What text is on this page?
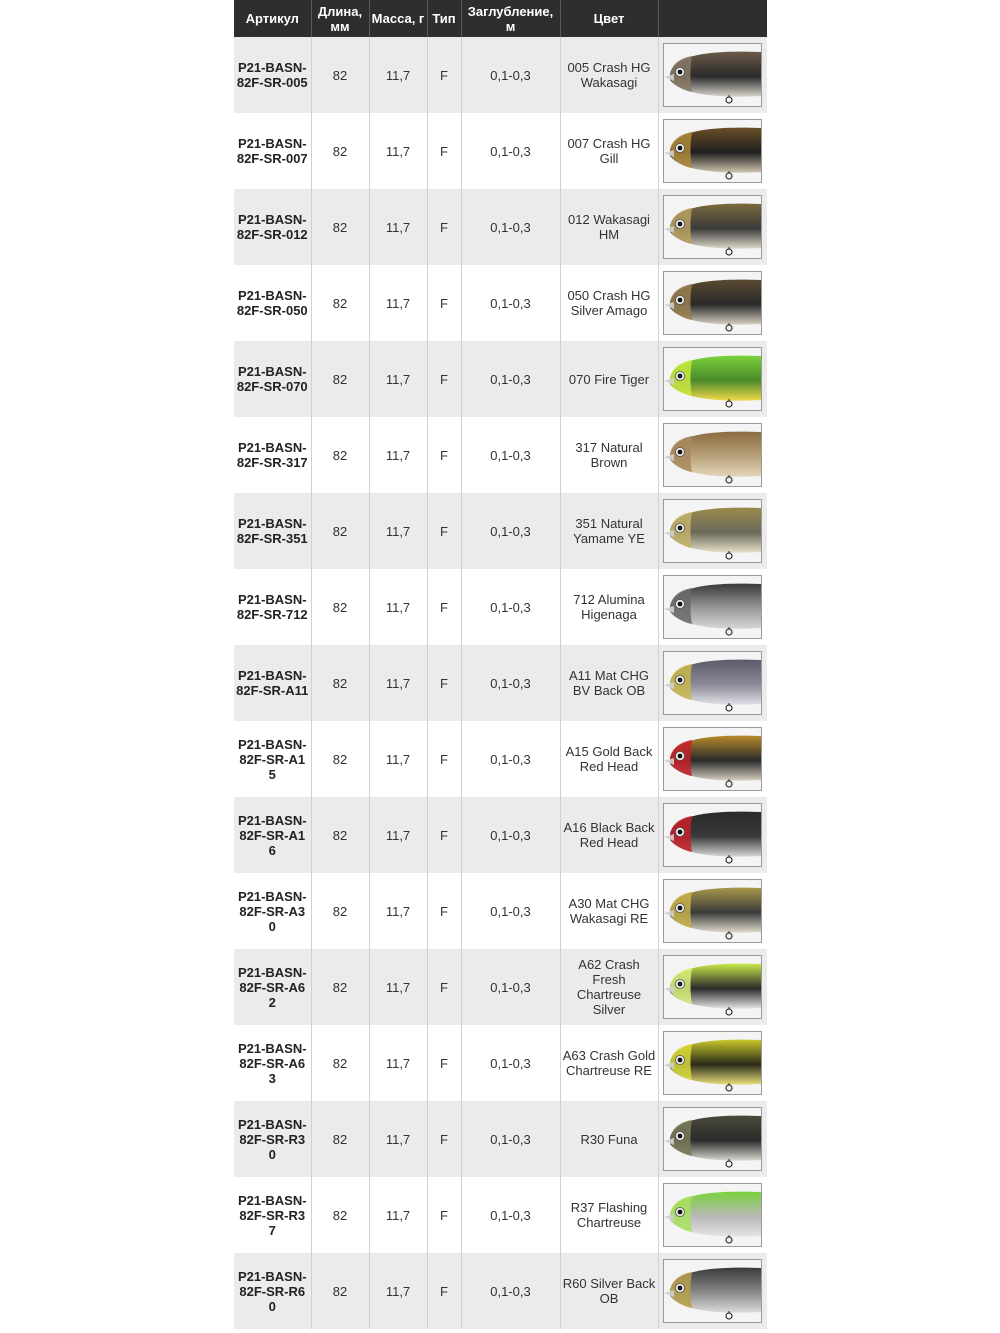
Артикул	Длина, мм	Масса, г	Тип	Заглубление, м	Цвет	
P21-BASN-82F-SR-005	82	11,7	F	0,1-0,3	005 Crash HG Wakasagi	

P21-BASN-82F-SR-007	82	11,7	F	0,1-0,3	007 Crash HG Gill	

P21-BASN-82F-SR-012	82	11,7	F	0,1-0,3	012 Wakasagi HM	

P21-BASN-82F-SR-050	82	11,7	F	0,1-0,3	050 Crash HG Silver Amago	

P21-BASN-82F-SR-070	82	11,7	F	0,1-0,3	070 Fire Tiger	

P21-BASN-82F-SR-317	82	11,7	F	0,1-0,3	317 Natural Brown	

P21-BASN-82F-SR-351	82	11,7	F	0,1-0,3	351 Natural Yamame YE	

P21-BASN-82F-SR-712	82	11,7	F	0,1-0,3	712 Alumina Higenaga	

P21-BASN-82F-SR-A11	82	11,7	F	0,1-0,3	A11 Mat CHG BV Back OB	

P21-BASN-82F-SR-A15	82	11,7	F	0,1-0,3	A15 Gold Back Red Head	

P21-BASN-82F-SR-A16	82	11,7	F	0,1-0,3	A16 Black Back Red Head	

P21-BASN-82F-SR-A30	82	11,7	F	0,1-0,3	A30 Mat CHG Wakasagi RE	

P21-BASN-82F-SR-A62	82	11,7	F	0,1-0,3	A62 Crash Fresh Chartreuse Silver	

P21-BASN-82F-SR-A63	82	11,7	F	0,1-0,3	A63 Crash Gold Chartreuse RE	

P21-BASN-82F-SR-R30	82	11,7	F	0,1-0,3	R30 Funa	

P21-BASN-82F-SR-R37	82	11,7	F	0,1-0,3	R37 Flashing Chartreuse	

P21-BASN-82F-SR-R60	82	11,7	F	0,1-0,3	R60 Silver Back OB	
